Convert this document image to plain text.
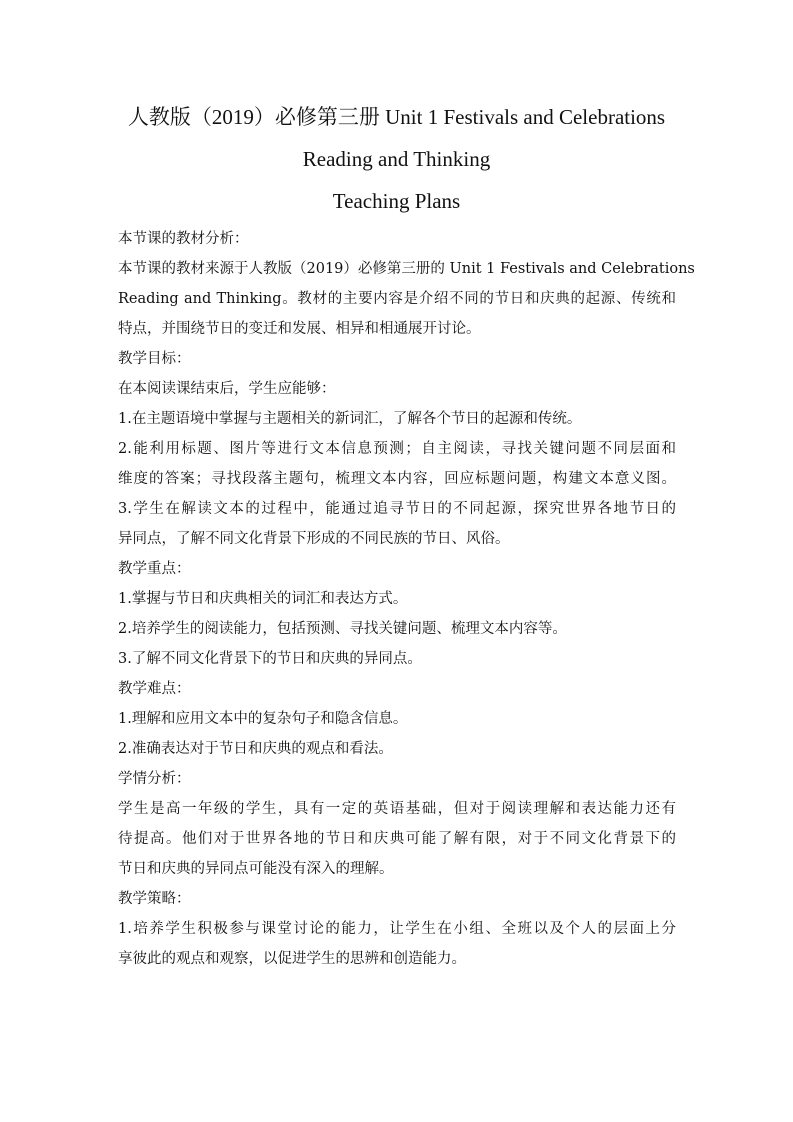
人教版（2019）必修第三册 Unit 1 Festivals and Celebrations
Reading and Thinking
Teaching Plans
本节课的教材分析：
本节课的教材来源于人教版（2019）必修第三册的 Unit 1 Festivals and Celebrations
Reading and Thinking。教材的主要内容是介绍不同的节日和庆典的起源、传统和
特点，并围绕节日的变迁和发展、相异和相通展开讨论。
教学目标：
在本阅读课结束后，学生应能够：
1.在主题语境中掌握与主题相关的新词汇，了解各个节日的起源和传统。
2.能利用标题、图片等进行文本信息预测；自主阅读，寻找关键问题不同层面和
维度的答案；寻找段落主题句，梳理文本内容，回应标题问题，构建文本意义图。
3.学生在解读文本的过程中，能通过追寻节日的不同起源，探究世界各地节日的
异同点，了解不同文化背景下形成的不同民族的节日、风俗。
教学重点：
1.掌握与节日和庆典相关的词汇和表达方式。
2.培养学生的阅读能力，包括预测、寻找关键问题、梳理文本内容等。
3.了解不同文化背景下的节日和庆典的异同点。
教学难点：
1.理解和应用文本中的复杂句子和隐含信息。
2.准确表达对于节日和庆典的观点和看法。
学情分析：
学生是高一年级的学生，具有一定的英语基础，但对于阅读理解和表达能力还有
待提高。他们对于世界各地的节日和庆典可能了解有限，对于不同文化背景下的
节日和庆典的异同点可能没有深入的理解。
教学策略：
1.培养学生积极参与课堂讨论的能力，让学生在小组、全班以及个人的层面上分
享彼此的观点和观察，以促进学生的思辨和创造能力。
